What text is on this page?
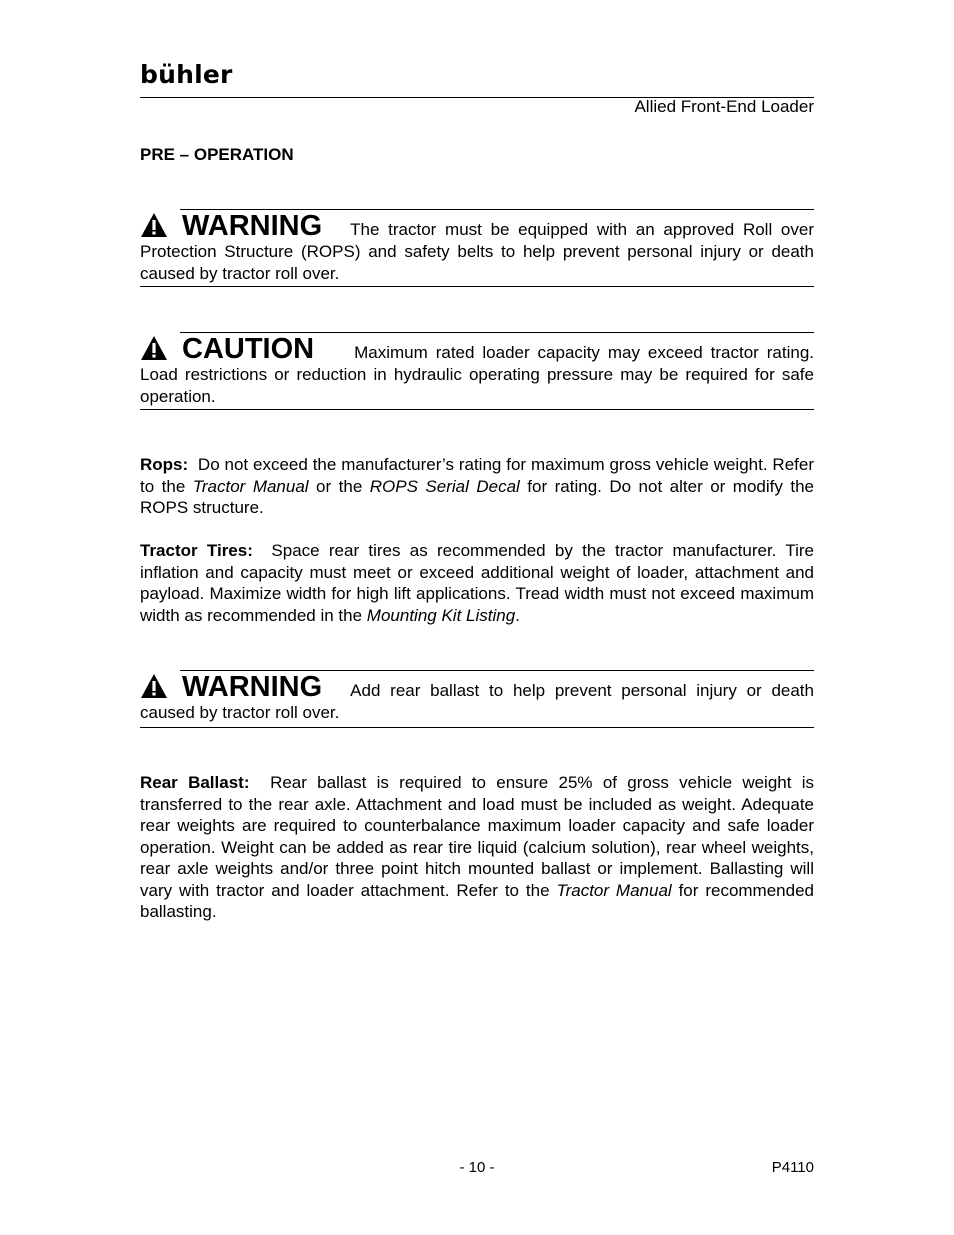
bühler
Allied Front-End Loader
PRE – OPERATION
WARNING The tractor must be equipped with an approved Roll over Protection Structure (ROPS) and safety belts to help prevent personal injury or death caused by tractor roll over.
CAUTION Maximum rated loader capacity may exceed tractor rating. Load restrictions or reduction in hydraulic operating pressure may be required for safe operation.
Rops: Do not exceed the manufacturer’s rating for maximum gross vehicle weight. Refer to the Tractor Manual or the ROPS Serial Decal for rating. Do not alter or modify the ROPS structure.
Tractor Tires: Space rear tires as recommended by the tractor manufacturer. Tire inflation and capacity must meet or exceed additional weight of loader, attachment and payload. Maximize width for high lift applications. Tread width must not exceed maximum width as recommended in the Mounting Kit Listing.
WARNING Add rear ballast to help prevent personal injury or death caused by tractor roll over.
Rear Ballast: Rear ballast is required to ensure 25% of gross vehicle weight is transferred to the rear axle. Attachment and load must be included as weight. Adequate rear weights are required to counterbalance maximum loader capacity and safe loader operation. Weight can be added as rear tire liquid (calcium solution), rear wheel weights, rear axle weights and/or three point hitch mounted ballast or implement. Ballasting will vary with tractor and loader attachment. Refer to the Tractor Manual for recommended ballasting.
- 10 -	P4110
